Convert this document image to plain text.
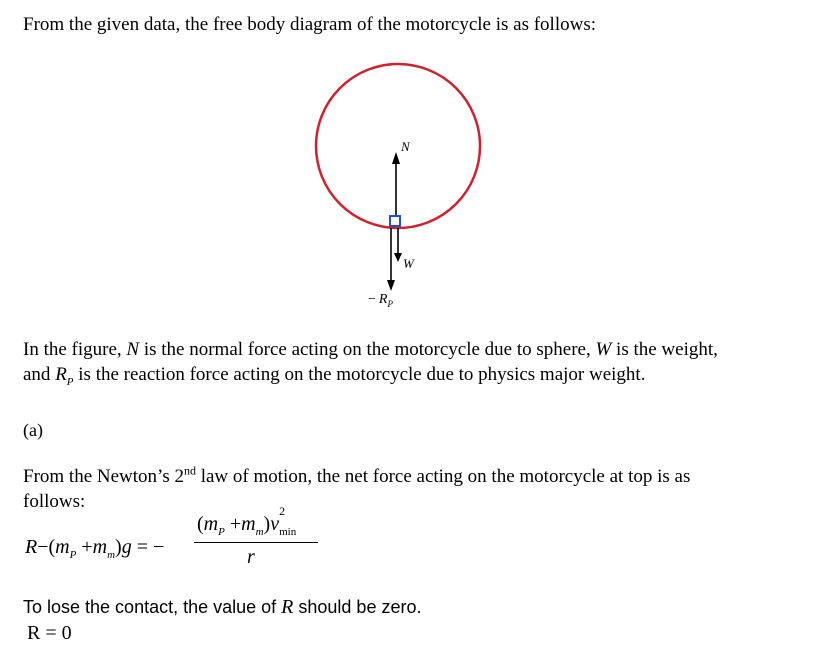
From the given data, the free body diagram of the motorcycle is as follows:
N
W
− $R_P$
In the figure, N is the normal force acting on the motorcycle due to sphere, W is the weight,
and $R_P$ is the reaction force acting on the motorcycle due to physics major weight.
(a)
From the Newton’s 2nd law of motion, the net force acting on the motorcycle at top is as
follows:
$R-(m_P +m_m)g$ = −
$(m_P +m_m)v$
2
$_{min}$
r
To lose the contact, the value of R should be zero.
R = 0
